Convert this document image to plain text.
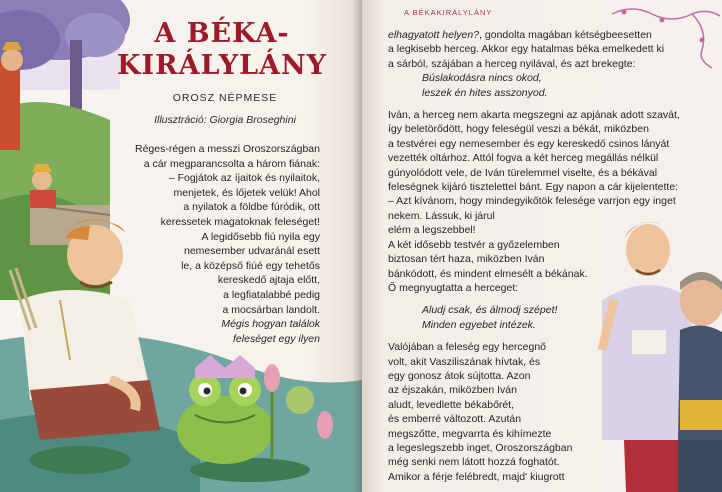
A BÉKA-
KIRÁLYLÁNY
OROSZ NÉPMESE
Illusztráció: Giorgia Broseghini
Réges-régen a messzi Oroszországban
a cár megparancsolta a három fiának:
– Fogjátok az íjaitok és nyilaitok,
menjetek, és lőjetek velük! Ahol
a nyilatok a földbe fúródik, ott
keressetek magatoknak feleséget!
A legidősebb fiú nyila egy
nemesember udvaránál esett
le, a középső fiúé egy tehetős
kereskedő ajtaja előtt,
a legfiatalabbé pedig
a mocsárban landolt.
Mégis hogyan találok
feleséget egy ilyen
A BÉKAKIRÁLYLÁNY
elhagyatott helyen?, gondolta magában kétségbeesetten
a legkisebb herceg. Akkor egy hatalmas béka emelkedett ki
a sárból, szájában a herceg nyilával, és azt brekegte:
Búslakodásra nincs okod,
leszek én hites asszonyod.
Iván, a herceg nem akarta megszegni az apjának adott szavát,
így beletörődött, hogy feleségül veszi a békát, miközben
a testvérei egy nemesember és egy kereskedő csinos lányát
vezették oltárhoz. Attól fogva a két herceg megállás nélkül
gúnyolódott vele, de Iván türelemmel viselte, és a békával
feleségnek kijáró tisztelettel bánt. Egy napon a cár kijelentette:
– Azt kívánom, hogy mindegyikőtök felesége varrjon egy inget
nekem. Lássuk, ki járul
elém a legszebbel!
A két idősebb testvér a győzelemben
biztosan tért haza, miközben Iván
bánkódott, és mindent elmesélt a békának.
Ő megnyugtatta a herceget:
Aludj csak, és álmodj szépet!
Minden egyebet intézek.
Valójában a feleség egy hercegnő
volt, akit Vasziliszának hívtak, és
egy gonosz átok sújtotta. Azon
az éjszakán, miközben Iván
aludt, levedlette békabőrét,
és emberré változott. Azután
megszőtte, megvarrta és kihímezte
a legeslegszebb inget, Oroszországban
még senki nem látott hozzá foghatót.
Amikor a férje felébredt, majd' kiugrott
